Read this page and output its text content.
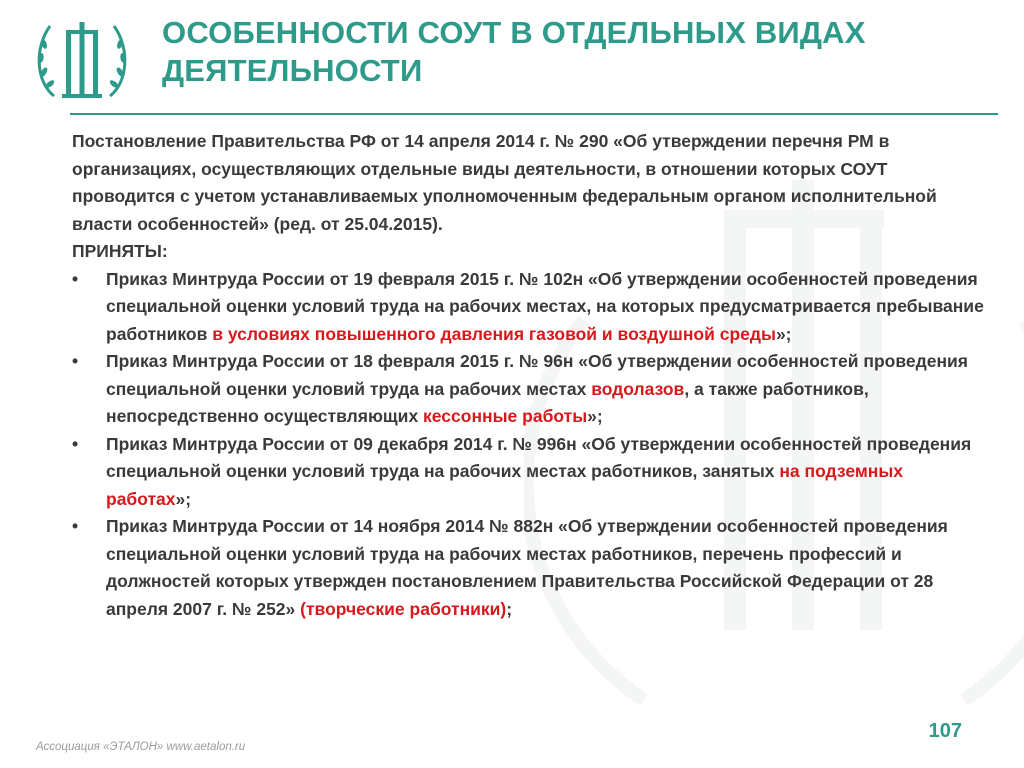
ОСОБЕННОСТИ СОУТ В ОТДЕЛЬНЫХ ВИДАХ
ДЕЯТЕЛЬНОСТИ

Постановление Правительства РФ от 14 апреля 2014 г. № 290 «Об утверждении перечня РМ в организациях, осуществляющих отдельные виды деятельности, в отношении которых СОУТ проводится с учетом устанавливаемых уполномоченным федеральным органом исполнительной власти особенностей» (ред. от 25.04.2015).

ПРИНЯТЫ:

• Приказ Минтруда России от 19 февраля 2015 г. № 102н «Об утверждении особенностей проведения специальной оценки условий труда на рабочих местах, на которых предусматривается пребывание работников в условиях повышенного давления газовой и воздушной среды»;
• Приказ Минтруда России от 18 февраля 2015 г. № 96н «Об утверждении особенностей проведения специальной оценки условий труда на рабочих местах водолазов, а также работников, непосредственно осуществляющих кессонные работы»;
• Приказ Минтруда России от 09 декабря 2014 г. № 996н «Об утверждении особенностей проведения специальной оценки условий труда на рабочих местах работников, занятых на подземных работах»;
• Приказ Минтруда России от 14 ноября 2014 № 882н «Об утверждении особенностей проведения специальной оценки условий труда на рабочих местах работников, перечень профессий и должностей которых утвержден постановлением Правительства Российской Федерации от 28 апреля 2007 г. № 252» (творческие работники);
107
Ассоциация «ЭТАЛОН» www.aetalon.ru
